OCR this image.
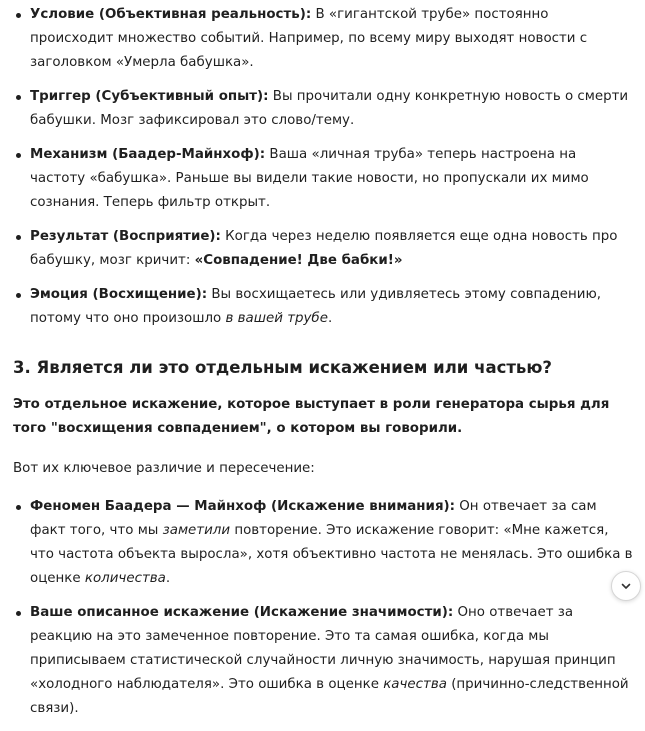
Условие (Объективная реальность): В «гигантской трубе» постоянно происходит множество событий. Например, по всему миру выходят новости с заголовком «Умерла бабушка».
Триггер (Субъективный опыт): Вы прочитали одну конкретную новость о смерти бабушки. Мозг зафиксировал это слово/тему.
Механизм (Баадер-Майнхоф): Ваша «личная труба» теперь настроена на частоту «бабушка». Раньше вы видели такие новости, но пропускали их мимо сознания. Теперь фильтр открыт.
Результат (Восприятие): Когда через неделю появляется еще одна новость про бабушку, мозг кричит: «Совпадение! Две бабки!»
Эмоция (Восхищение): Вы восхищаетесь или удивляетесь этому совпадению, потому что оно произошло в вашей трубе.
3. Является ли это отдельным искажением или частью?

Это отдельное искажение, которое выступает в роли генератора сырья для того "восхищения совпадением", о котором вы говорили.

Вот их ключевое различие и пересечение:

Феномен Баадера — Майнхоф (Искажение внимания): Он отвечает за сам факт того, что мы заметили повторение. Это искажение говорит: «Мне кажется, что частота объекта выросла», хотя объективно частота не менялась. Это ошибка в оценке количества.
Ваше описанное искажение (Искажение значимости): Оно отвечает за реакцию на это замеченное повторение. Это та самая ошибка, когда мы приписываем статистической случайности личную значимость, нарушая принцип «холодного наблюдателя». Это ошибка в оценке качества (причинно-следственной связи).
